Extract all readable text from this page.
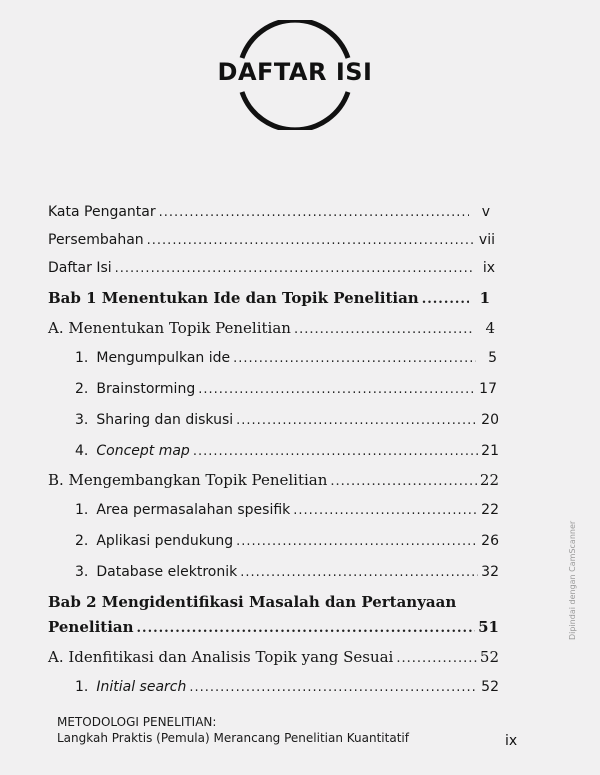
DAFTAR ISI
Kata Pengantar .....	v
Persembahan .....	vii
Daftar Isi .....	ix
Bab 1 Menentukan Ide dan Topik Penelitian .....	1
A. Menentukan Topik Penelitian .....	4
1. Mengumpulkan ide .....	5
2. Brainstorming .....	17
3. Sharing dan diskusi .....	20
4. Concept map .....	21
B. Mengembangkan Topik Penelitian .....	22
1. Area permasalahan spesifik .....	22
2. Aplikasi pendukung .....	26
3. Database elektronik .....	32
Bab 2 Mengidentifikasi Masalah dan Pertanyaan
Penelitian .....	51
A. Idenfitikasi dan Analisis Topik yang Sesuai .....	52
1. Initial search .....	52
METODOLOGI PENELITIAN:
Langkah Praktis (Pemula) Merancang Penelitian Kuantitatif	ix
Dipindai dengan CamScanner
